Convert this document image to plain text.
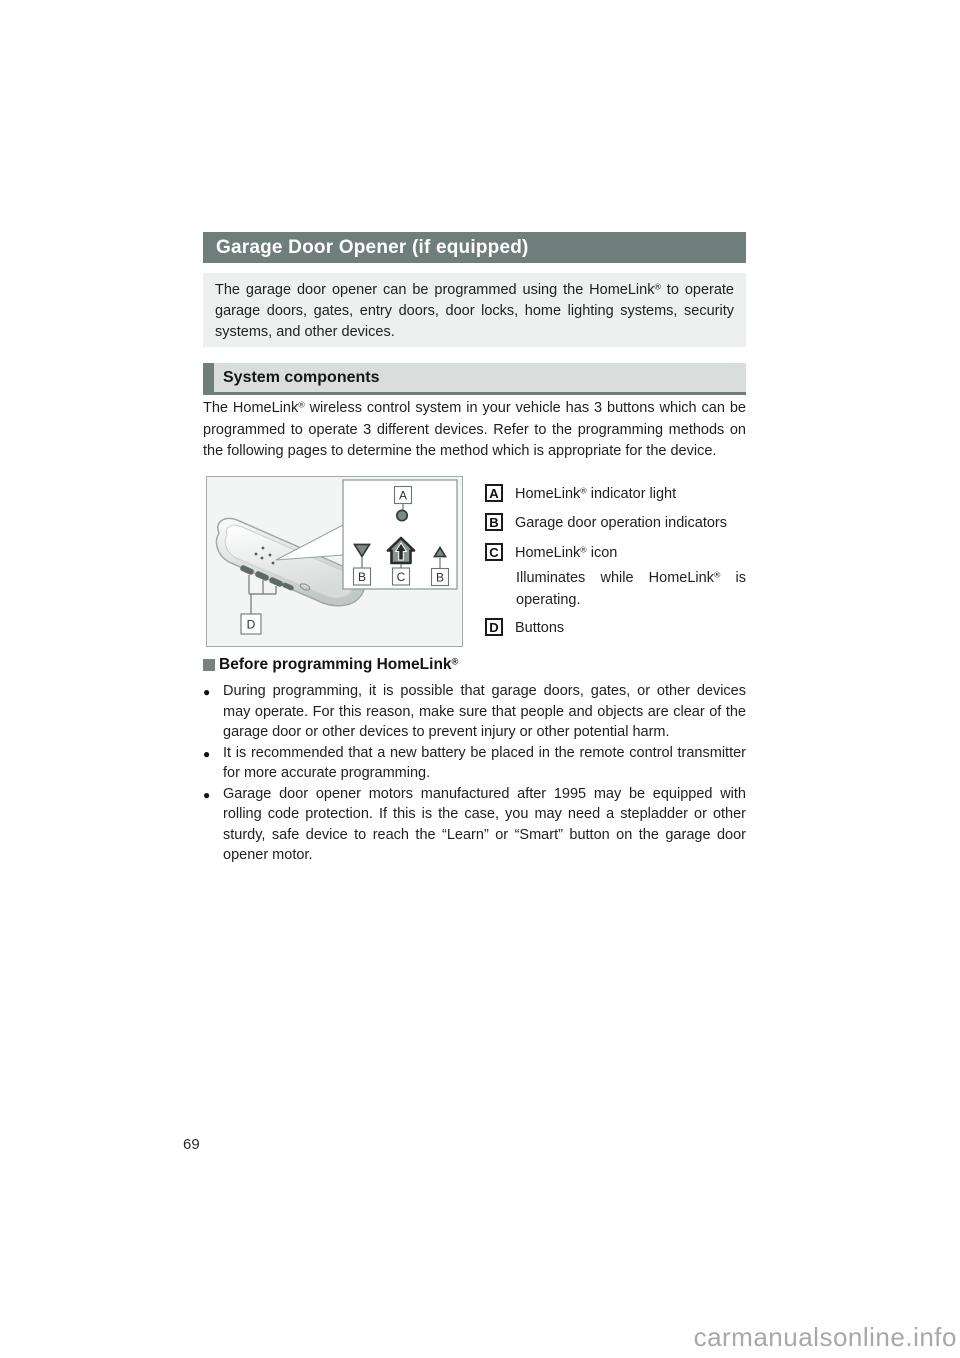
Garage Door Opener (if equipped)

The garage door opener can be programmed using the HomeLink® to operate garage doors, gates, entry doors, door locks, home lighting systems, security systems, and other devices.

System components

The HomeLink® wireless control system in your vehicle has 3 buttons which can be programmed to operate 3 different devices. Refer to the programming methods on the following pages to determine the method which is appropriate for the device.

A
B	C	B
D
A HomeLink® indicator light
B Garage door operation indicators
C HomeLink® icon

Illuminates while HomeLink® is operating.

D Buttons
Before programming HomeLink®
● During programming, it is possible that garage doors, gates, or other devices may operate. For this reason, make sure that people and objects are clear of the garage door or other devices to prevent injury or other potential harm.

● It is recommended that a new battery be placed in the remote control transmitter for more accurate programming.

● Garage door opener motors manufactured after 1995 may be equipped with rolling code protection. If this is the case, you may need a stepladder or other sturdy, safe device to reach the “Learn” or “Smart” button on the garage door opener motor.

69
carmanualsonline.info
